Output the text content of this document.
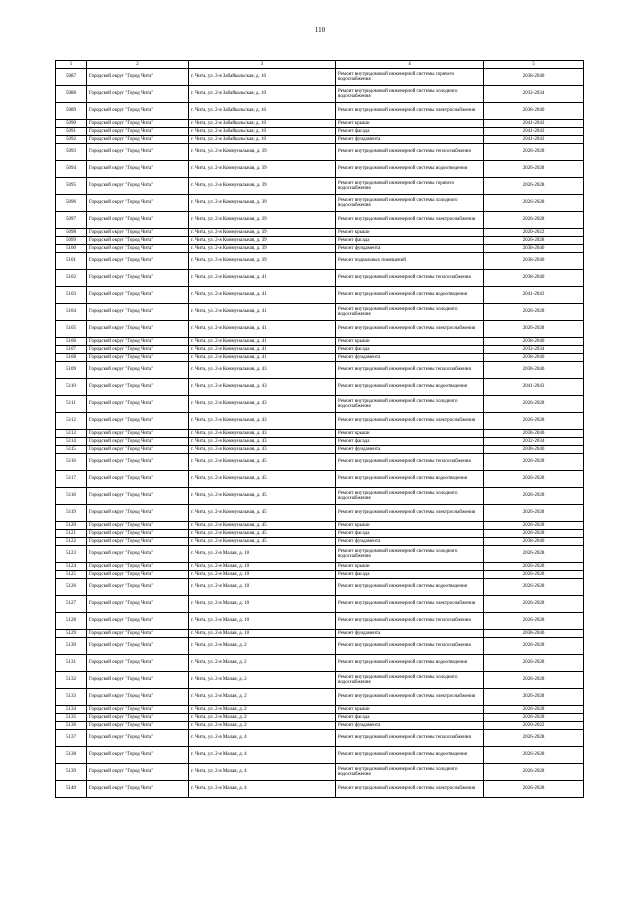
110
1	2	3	4	5
5087	Городской округ "Город Чита"	г. Чита, ул. 2-я Забайкальская, д. 10	Ремонт внутридомовой инженерной системы горячего водоснабжения	2038-2040
5088	Городской округ "Город Чита"	г. Чита, ул. 2-я Забайкальская, д. 10	Ремонт внутридомовой инженерной системы холодного водоснабжения	2032-2034
5089	Городской округ "Город Чита"	г. Чита, ул. 2-я Забайкальская, д. 10	Ремонт внутридомовой инженерной системы электроснабжения	2038-2040
5090	Городской округ "Город Чита"	г. Чита, ул. 2-я Забайкальская, д. 10	Ремонт крыши	2041-2043
5091	Городской округ "Город Чита"	г. Чита, ул. 2-я Забайкальская, д. 10	Ремонт фасада	2041-2043
5092	Городской округ "Город Чита"	г. Чита, ул. 2-я Забайкальская, д. 10	Ремонт фундамента	2041-2043
5093	Городской округ "Город Чита"	г. Чита, ул. 2-я Коммунальная, д. 39	Ремонт внутридомовой инженерной системы теплоснабжения	2026-2028
5094	Городской округ "Город Чита"	г. Чита, ул. 2-я Коммунальная, д. 39	Ремонт внутридомовой инженерной системы водоотведения	2026-2028
5095	Городской округ "Город Чита"	г. Чита, ул. 2-я Коммунальная, д. 39	Ремонт внутридомовой инженерной системы горячего водоснабжения	2026-2028
5096	Городской округ "Город Чита"	г. Чита, ул. 2-я Коммунальная, д. 39	Ремонт внутридомовой инженерной системы холодного водоснабжения	2026-2028
5097	Городской округ "Город Чита"	г. Чита, ул. 2-я Коммунальная, д. 39	Ремонт внутридомовой инженерной системы электроснабжения	2026-2028
5098	Городской округ "Город Чита"	г. Чита, ул. 2-я Коммунальная, д. 39	Ремонт крыши	2020-2022
5099	Городской округ "Город Чита"	г. Чита, ул. 2-я Коммунальная, д. 39	Ремонт фасада	2026-2028
5100	Городской округ "Город Чита"	г. Чита, ул. 2-я Коммунальная, д. 39	Ремонт фундамента	2038-2040
5101	Городской округ "Город Чита"	г. Чита, ул. 2-я Коммунальная, д. 39	Ремонт подвальных помещений	2038-2040
5102	Городской округ "Город Чита"	г. Чита, ул. 2-я Коммунальная, д. 41	Ремонт внутридомовой инженерной системы теплоснабжения	2038-2040
5103	Городской округ "Город Чита"	г. Чита, ул. 2-я Коммунальная, д. 41	Ремонт внутридомовой инженерной системы водоотведения	2041-2043
5104	Городской округ "Город Чита"	г. Чита, ул. 2-я Коммунальная, д. 41	Ремонт внутридомовой инженерной системы холодного водоснабжения	2026-2028
5105	Городской округ "Город Чита"	г. Чита, ул. 2-я Коммунальная, д. 41	Ремонт внутридомовой инженерной системы электроснабжения	2026-2028
5106	Городской округ "Город Чита"	г. Чита, ул. 2-я Коммунальная, д. 41	Ремонт крыши	2038-2040
5107	Городской округ "Город Чита"	г. Чита, ул. 2-я Коммунальная, д. 41	Ремонт фасада	2032-2034
5108	Городской округ "Город Чита"	г. Чита, ул. 2-я Коммунальная, д. 41	Ремонт фундамента	2038-2040
5109	Городской округ "Город Чита"	г. Чита, ул. 2-я Коммунальная, д. 43	Ремонт внутридомовой инженерной системы теплоснабжения	2038-2040
5110	Городской округ "Город Чита"	г. Чита, ул. 2-я Коммунальная, д. 43	Ремонт внутридомовой инженерной системы водоотведения	2041-2043
5111	Городской округ "Город Чита"	г. Чита, ул. 2-я Коммунальная, д. 43	Ремонт внутридомовой инженерной системы холодного водоснабжения	2026-2028
5112	Городской округ "Город Чита"	г. Чита, ул. 2-я Коммунальная, д. 43	Ремонт внутридомовой инженерной системы электроснабжения	2026-2028
5113	Городской округ "Город Чита"	г. Чита, ул. 2-я Коммунальная, д. 43	Ремонт крыши	2038-2040
5114	Городской округ "Город Чита"	г. Чита, ул. 2-я Коммунальная, д. 43	Ремонт фасада	2032-2034
5115	Городской округ "Город Чита"	г. Чита, ул. 2-я Коммунальная, д. 43	Ремонт фундамента	2038-2040
5116	Городской округ "Город Чита"	г. Чита, ул. 2-я Коммунальная, д. 45	Ремонт внутридомовой инженерной системы теплоснабжения	2026-2028
5117	Городской округ "Город Чита"	г. Чита, ул. 2-я Коммунальная, д. 45	Ремонт внутридомовой инженерной системы водоотведения	2026-2028
5118	Городской округ "Город Чита"	г. Чита, ул. 2-я Коммунальная, д. 45	Ремонт внутридомовой инженерной системы холодного водоснабжения	2026-2028
5119	Городской округ "Город Чита"	г. Чита, ул. 2-я Коммунальная, д. 45	Ремонт внутридомовой инженерной системы электроснабжения	2026-2028
5120	Городской округ "Город Чита"	г. Чита, ул. 2-я Коммунальная, д. 45	Ремонт крыши	2026-2028
5121	Городской округ "Город Чита"	г. Чита, ул. 2-я Коммунальная, д. 45	Ремонт фасада	2026-2028
5122	Городской округ "Город Чита"	г. Чита, ул. 2-я Коммунальная, д. 45	Ремонт фундамента	2038-2040
5123	Городской округ "Город Чита"	г. Чита, ул. 2-я Малая, д. 10	Ремонт внутридомовой инженерной системы холодного водоснабжения	2026-2028
5124	Городской округ "Город Чита"	г. Чита, ул. 2-я Малая, д. 10	Ремонт крыши	2026-2028
5125	Городской округ "Город Чита"	г. Чита, ул. 2-я Малая, д. 10	Ремонт фасада	2026-2028
5126	Городской округ "Город Чита"	г. Чита, ул. 2-я Малая, д. 10	Ремонт внутридомовой инженерной системы водоотведения	2026-2028
5127	Городской округ "Город Чита"	г. Чита, ул. 2-я Малая, д. 10	Ремонт внутридомовой инженерной системы электроснабжения	2026-2028
5128	Городской округ "Город Чита"	г. Чита, ул. 2-я Малая, д. 10	Ремонт внутридомовой инженерной системы теплоснабжения	2026-2028
5129	Городской округ "Город Чита"	г. Чита, ул. 2-я Малая, д. 10	Ремонт фундамента	2038-2040
5130	Городской округ "Город Чита"	г. Чита, ул. 2-я Малая, д. 2	Ремонт внутридомовой инженерной системы теплоснабжения	2026-2028
5131	Городской округ "Город Чита"	г. Чита, ул. 2-я Малая, д. 2	Ремонт внутридомовой инженерной системы водоотведения	2026-2028
5132	Городской округ "Город Чита"	г. Чита, ул. 2-я Малая, д. 2	Ремонт внутридомовой инженерной системы холодного водоснабжения	2026-2028
5133	Городской округ "Город Чита"	г. Чита, ул. 2-я Малая, д. 2	Ремонт внутридомовой инженерной системы электроснабжения	2026-2028
5134	Городской округ "Город Чита"	г. Чита, ул. 2-я Малая, д. 2	Ремонт крыши	2026-2028
5135	Городской округ "Город Чита"	г. Чита, ул. 2-я Малая, д. 2	Ремонт фасада	2026-2028
5136	Городской округ "Город Чита"	г. Чита, ул. 2-я Малая, д. 2	Ремонт фундамента	2020-2022
5137	Городской округ "Город Чита"	г. Чита, ул. 2-я Малая, д. 4	Ремонт внутридомовой инженерной системы теплоснабжения	2026-2028
5138	Городской округ "Город Чита"	г. Чита, ул. 2-я Малая, д. 4	Ремонт внутридомовой инженерной системы водоотведения	2026-2028
5139	Городской округ "Город Чита"	г. Чита, ул. 2-я Малая, д. 4	Ремонт внутридомовой инженерной системы холодного водоснабжения	2026-2028
5140	Городской округ "Город Чита"	г. Чита, ул. 2-я Малая, д. 4	Ремонт внутридомовой инженерной системы электроснабжения	2026-2028
